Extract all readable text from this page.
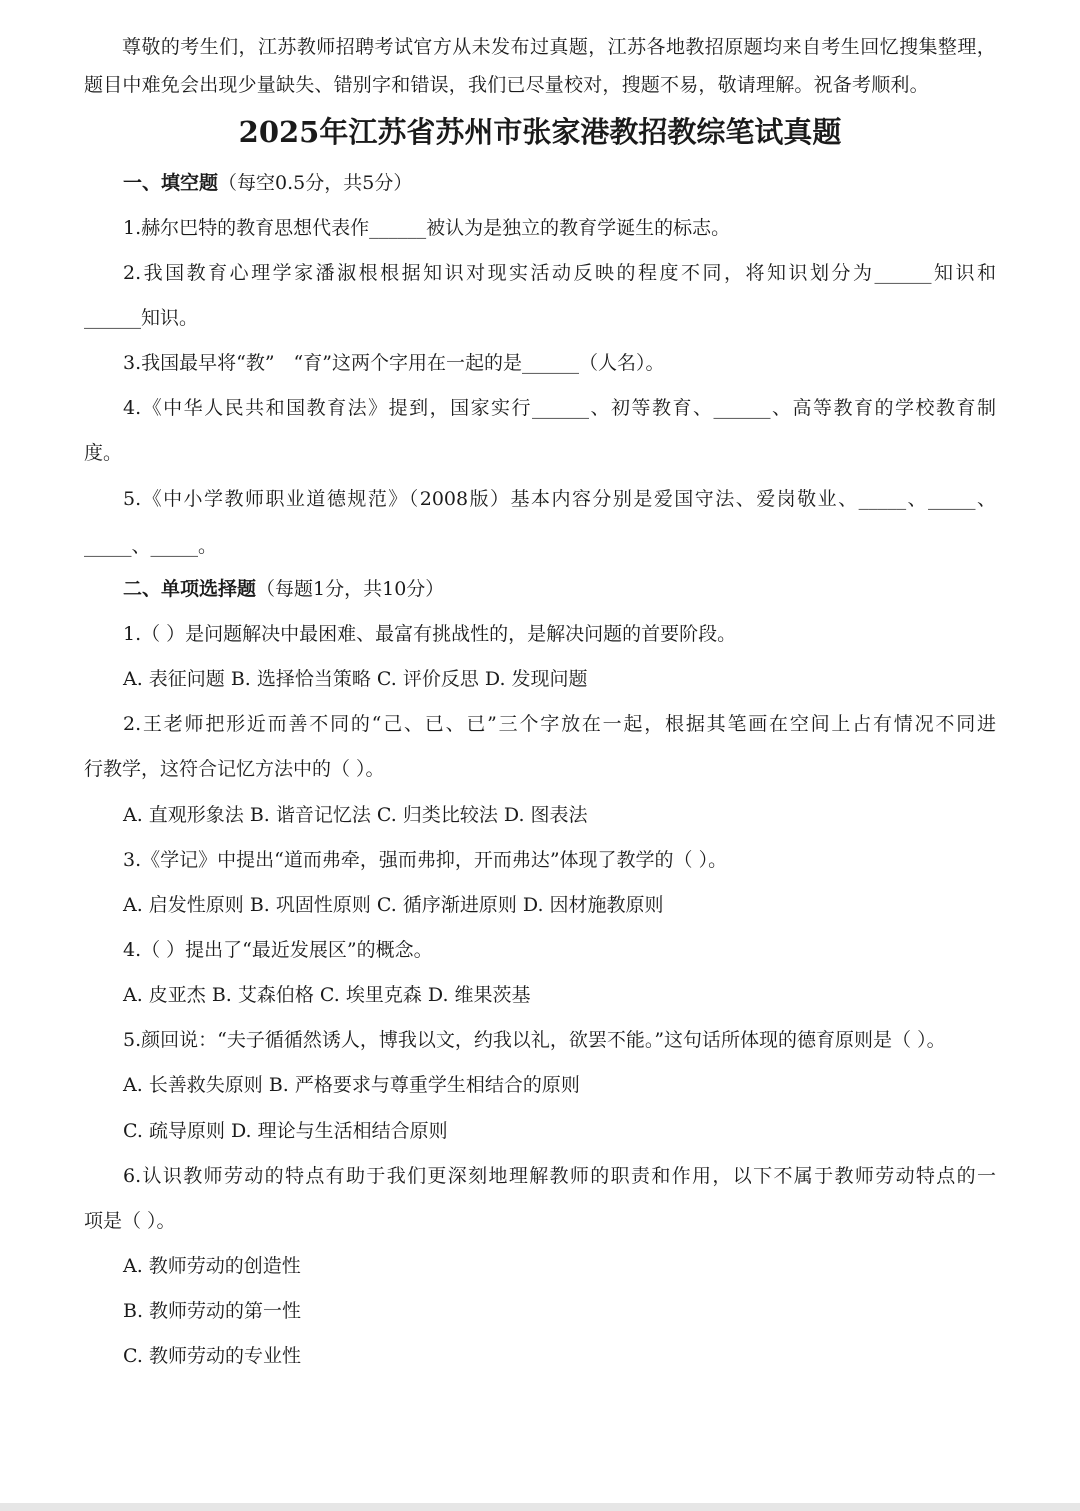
尊敬的考生们，江苏教师招聘考试官方从未发布过真题，江苏各地教招原题均来自考生回忆搜集整理，题目中难免会出现少量缺失、错别字和错误，我们已尽量校对，搜题不易，敬请理解。祝备考顺利。
2025年江苏省苏州市张家港教招教综笔试真题
一、填空题（每空0.5分，共5分）
1.赫尔巴特的教育思想代表作______被认为是独立的教育学诞生的标志。
2.我国教育心理学家潘淑根根据知识对现实活动反映的程度不同，将知识划分为______知识和
______知识。
3.我国最早将“教”　“育”这两个字用在一起的是______（人名）。
4.《中华人民共和国教育法》提到，国家实行______、初等教育、______、高等教育的学校教育制
度。
5.《中小学教师职业道德规范》（2008版）基本内容分别是爱国守法、爱岗敬业、_____、_____、
_____、_____。
二、单项选择题（每题1分，共10分）
1.（ ）是问题解决中最困难、最富有挑战性的，是解决问题的首要阶段。
A. 表征问题 B. 选择恰当策略 C. 评价反思 D. 发现问题
2.王老师把形近而善不同的“己、已、已”三个字放在一起，根据其笔画在空间上占有情况不同进
行教学，这符合记忆方法中的（ ）。
A. 直观形象法 B. 谐音记忆法 C. 归类比较法 D. 图表法
3.《学记》中提出“道而弗牵，强而弗抑，开而弗达”体现了教学的（ ）。
A. 启发性原则 B. 巩固性原则 C. 循序渐进原则 D. 因材施教原则
4.（ ）提出了“最近发展区”的概念。
A. 皮亚杰 B. 艾森伯格 C. 埃里克森 D. 维果茨基
5.颜回说：“夫子循循然诱人，博我以文，约我以礼，欲罢不能。”这句话所体现的德育原则是（ ）。
A. 长善救失原则 B. 严格要求与尊重学生相结合的原则
C. 疏导原则 D. 理论与生活相结合原则
6.认识教师劳动的特点有助于我们更深刻地理解教师的职责和作用，以下不属于教师劳动特点的一
项是（ ）。
A. 教师劳动的创造性
B. 教师劳动的第一性
C. 教师劳动的专业性
